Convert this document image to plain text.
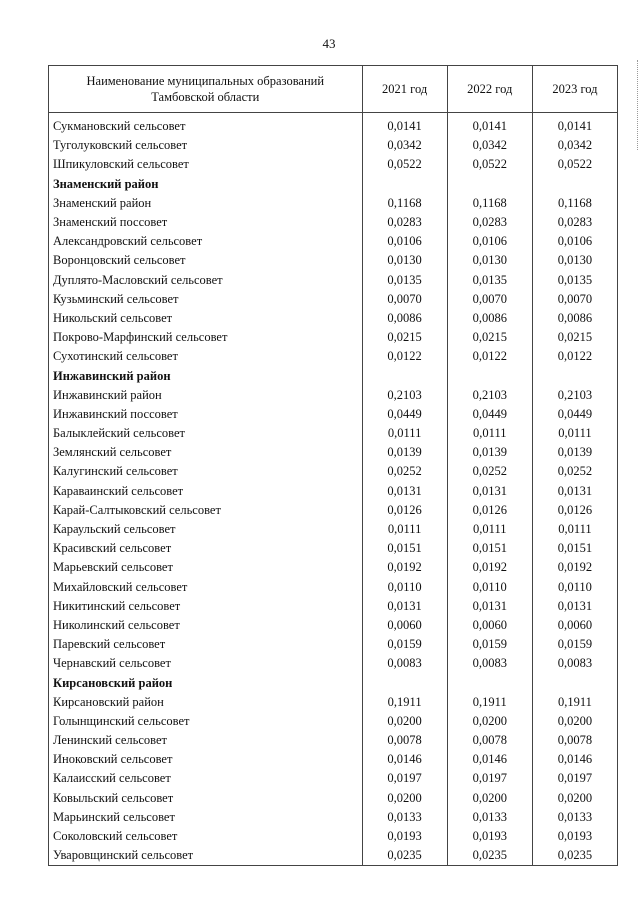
43
Наименование муниципальных образований Тамбовской области	2021 год	2022 год	2023 год
Сукмановский сельсовет	0,0141	0,0141	0,0141
Туголуковский сельсовет	0,0342	0,0342	0,0342
Шпикуловский сельсовет	0,0522	0,0522	0,0522
Знаменский район			
Знаменский район	0,1168	0,1168	0,1168
Знаменский поссовет	0,0283	0,0283	0,0283
Александровский сельсовет	0,0106	0,0106	0,0106
Воронцовский сельсовет	0,0130	0,0130	0,0130
Дуплято-Масловский сельсовет	0,0135	0,0135	0,0135
Кузьминский сельсовет	0,0070	0,0070	0,0070
Никольский сельсовет	0,0086	0,0086	0,0086
Покрово-Марфинский сельсовет	0,0215	0,0215	0,0215
Сухотинский сельсовет	0,0122	0,0122	0,0122
Инжавинский район			
Инжавинский район	0,2103	0,2103	0,2103
Инжавинский поссовет	0,0449	0,0449	0,0449
Балыклейский сельсовет	0,0111	0,0111	0,0111
Землянский сельсовет	0,0139	0,0139	0,0139
Калугинский сельсовет	0,0252	0,0252	0,0252
Караваинский сельсовет	0,0131	0,0131	0,0131
Карай-Салтыковский сельсовет	0,0126	0,0126	0,0126
Караульский сельсовет	0,0111	0,0111	0,0111
Красивский сельсовет	0,0151	0,0151	0,0151
Марьевский сельсовет	0,0192	0,0192	0,0192
Михайловский сельсовет	0,0110	0,0110	0,0110
Никитинский сельсовет	0,0131	0,0131	0,0131
Николинский сельсовет	0,0060	0,0060	0,0060
Паревский сельсовет	0,0159	0,0159	0,0159
Чернавский сельсовет	0,0083	0,0083	0,0083
Кирсановский район			
Кирсановский район	0,1911	0,1911	0,1911
Голынщинский сельсовет	0,0200	0,0200	0,0200
Ленинский сельсовет	0,0078	0,0078	0,0078
Иноковский сельсовет	0,0146	0,0146	0,0146
Калаисский сельсовет	0,0197	0,0197	0,0197
Ковыльский сельсовет	0,0200	0,0200	0,0200
Марьинский сельсовет	0,0133	0,0133	0,0133
Соколовский сельсовет	0,0193	0,0193	0,0193
Уваровщинский сельсовет	0,0235	0,0235	0,0235
